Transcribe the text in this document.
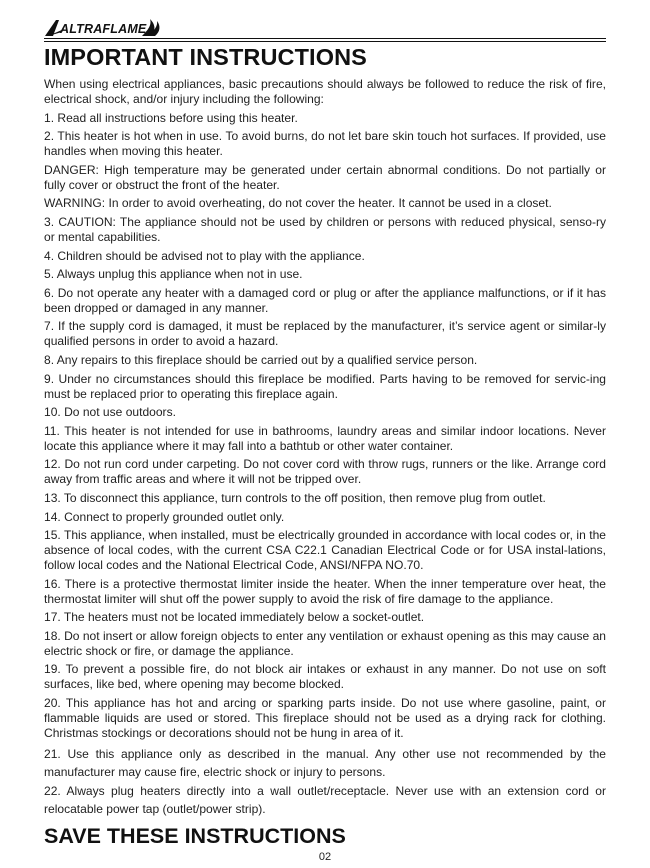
ALTRAFLAME
IMPORTANT INSTRUCTIONS

When using electrical appliances, basic precautions should always be followed to reduce the risk of fire, electrical shock, and/or injury including the following:

1. Read all instructions before using this heater.

2. This heater is hot when in use. To avoid burns, do not let bare skin touch hot surfaces. If provided, use handles when moving this heater.

DANGER: High temperature may be generated under certain abnormal conditions. Do not partially or fully cover or obstruct the front of the heater.

WARNING: In order to avoid overheating, do not cover the heater. It cannot be used in a closet.

3. CAUTION: The appliance should not be used by children or persons with reduced physical, senso-ry or mental capabilities.

4. Children should be advised not to play with the appliance.

5. Always unplug this appliance when not in use.

6. Do not operate any heater with a damaged cord or plug or after the appliance malfunctions, or if it has been dropped or damaged in any manner.

7. If the supply cord is damaged, it must be replaced by the manufacturer, it’s service agent or similar-ly qualified persons in order to avoid a hazard.

8. Any repairs to this fireplace should be carried out by a qualified service person.

9. Under no circumstances should this fireplace be modified. Parts having to be removed for servic-ing must be replaced prior to operating this fireplace again.

10. Do not use outdoors.

11. This heater is not intended for use in bathrooms, laundry areas and similar indoor locations. Never locate this appliance where it may fall into a bathtub or other water container.

12. Do not run cord under carpeting. Do not cover cord with throw rugs, runners or the like. Arrange cord away from traffic areas and where it will not be tripped over.

13. To disconnect this appliance, turn controls to the off position, then remove plug from outlet.

14. Connect to properly grounded outlet only.

15. This appliance, when installed, must be electrically grounded in accordance with local codes or, in the absence of local codes, with the current CSA C22.1 Canadian Electrical Code or for USA instal-lations, follow local codes and the National Electrical Code, ANSI/NFPA NO.70.

16. There is a protective thermostat limiter inside the heater. When the inner temperature over heat, the thermostat limiter will shut off the power supply to avoid the risk of fire damage to the appliance.

17. The heaters must not be located immediately below a socket-outlet.

18. Do not insert or allow foreign objects to enter any ventilation or exhaust opening as this may cause an electric shock or fire, or damage the appliance.

19. To prevent a possible fire, do not block air intakes or exhaust in any manner. Do not use on soft surfaces, like bed, where opening may become blocked.

20. This appliance has hot and arcing or sparking parts inside. Do not use where gasoline, paint, or flammable liquids are used or stored. This fireplace should not be used as a drying rack for clothing. Christmas stockings or decorations should not be hung in area of it.

21. Use this appliance only as described in the manual. Any other use not recommended by the manufacturer may cause fire, electric shock or injury to persons.

22. Always plug heaters directly into a wall outlet/receptacle. Never use with an extension cord or relocatable power tap (outlet/power strip).

SAVE THESE INSTRUCTIONS
02
